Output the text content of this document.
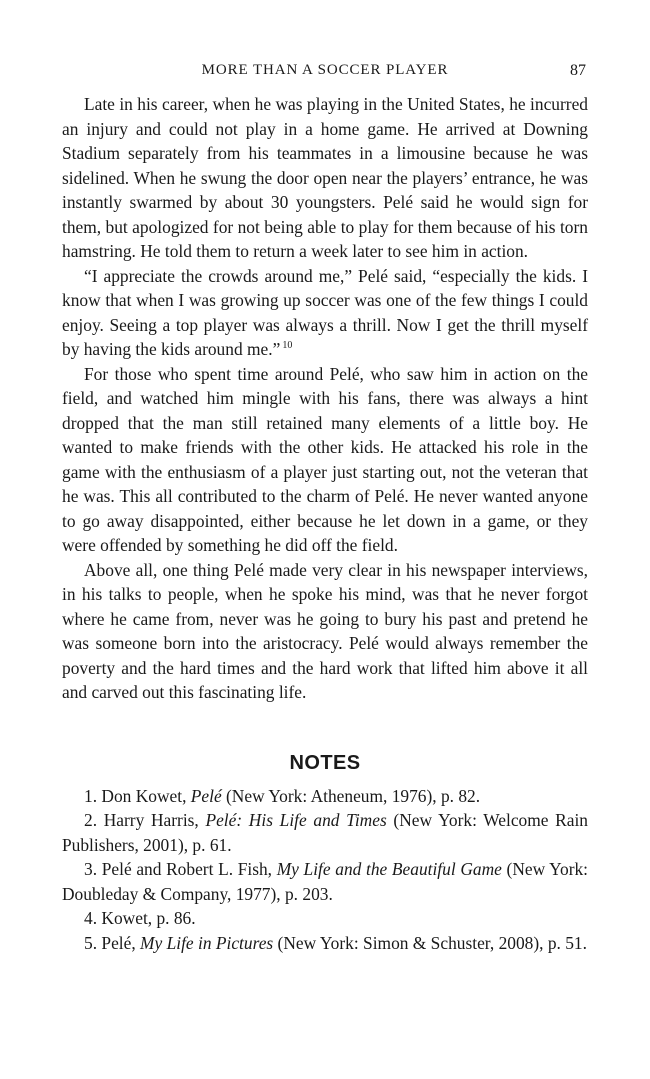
MORE THAN A SOCCER PLAYER	87

Late in his career, when he was playing in the United States, he incurred an injury and could not play in a home game. He arrived at Downing Stadium separately from his teammates in a limousine because he was sidelined. When he swung the door open near the players’ entrance, he was instantly swarmed by about 30 youngsters. Pelé said he would sign for them, but apologized for not being able to play for them because of his torn hamstring. He told them to return a week later to see him in action.

“I appreciate the crowds around me,” Pelé said, “especially the kids. I know that when I was growing up soccer was one of the few things I could enjoy. Seeing a top player was always a thrill. Now I get the thrill myself by having the kids around me.” $^{10}$

For those who spent time around Pelé, who saw him in action on the field, and watched him mingle with his fans, there was always a hint dropped that the man still retained many elements of a little boy. He wanted to make friends with the other kids. He attacked his role in the game with the enthusiasm of a player just starting out, not the veteran that he was. This all contributed to the charm of Pelé. He never wanted anyone to go away disappointed, either because he let down in a game, or they were offended by something he did off the field.

Above all, one thing Pelé made very clear in his newspaper interviews, in his talks to people, when he spoke his mind, was that he never forgot where he came from, never was he going to bury his past and pretend he was someone born into the aristocracy. Pelé would always remember the poverty and the hard times and the hard work that lifted him above it all and carved out this fascinating life.

NOTES

1. Don Kowet, Pelé (New York: Atheneum, 1976), p. 82.

2. Harry Harris, Pelé: His Life and Times (New York: Welcome Rain Publishers, 2001), p. 61.

3. Pelé and Robert L. Fish, My Life and the Beautiful Game (New York: Doubleday & Company, 1977), p. 203.

4. Kowet, p. 86.

5. Pelé, My Life in Pictures (New York: Simon & Schuster, 2008), p. 51.
